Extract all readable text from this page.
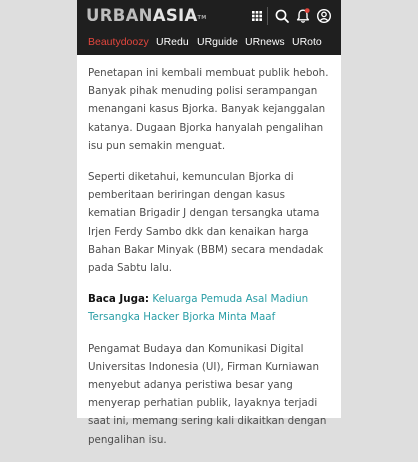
URBANASIA™
Beautydoozy URedu URguide URnews URoto

Penetapan ini kembali membuat publik heboh. Banyak pihak menuding polisi serampangan menangani kasus Bjorka. Banyak kejanggalan katanya. Dugaan Bjorka hanyalah pengalihan isu pun semakin menguat.

Seperti diketahui, kemunculan Bjorka di pemberitaan beriringan dengan kasus kematian Brigadir J dengan tersangka utama Irjen Ferdy Sambo dkk dan kenaikan harga Bahan Bakar Minyak (BBM) secara mendadak pada Sabtu lalu.

Baca Juga: Keluarga Pemuda Asal Madiun Tersangka Hacker Bjorka Minta Maaf

Pengamat Budaya dan Komunikasi Digital Universitas Indonesia (UI), Firman Kurniawan menyebut adanya peristiwa besar yang menyerap perhatian publik, layaknya terjadi saat ini, memang sering kali dikaitkan dengan pengalihan isu.
